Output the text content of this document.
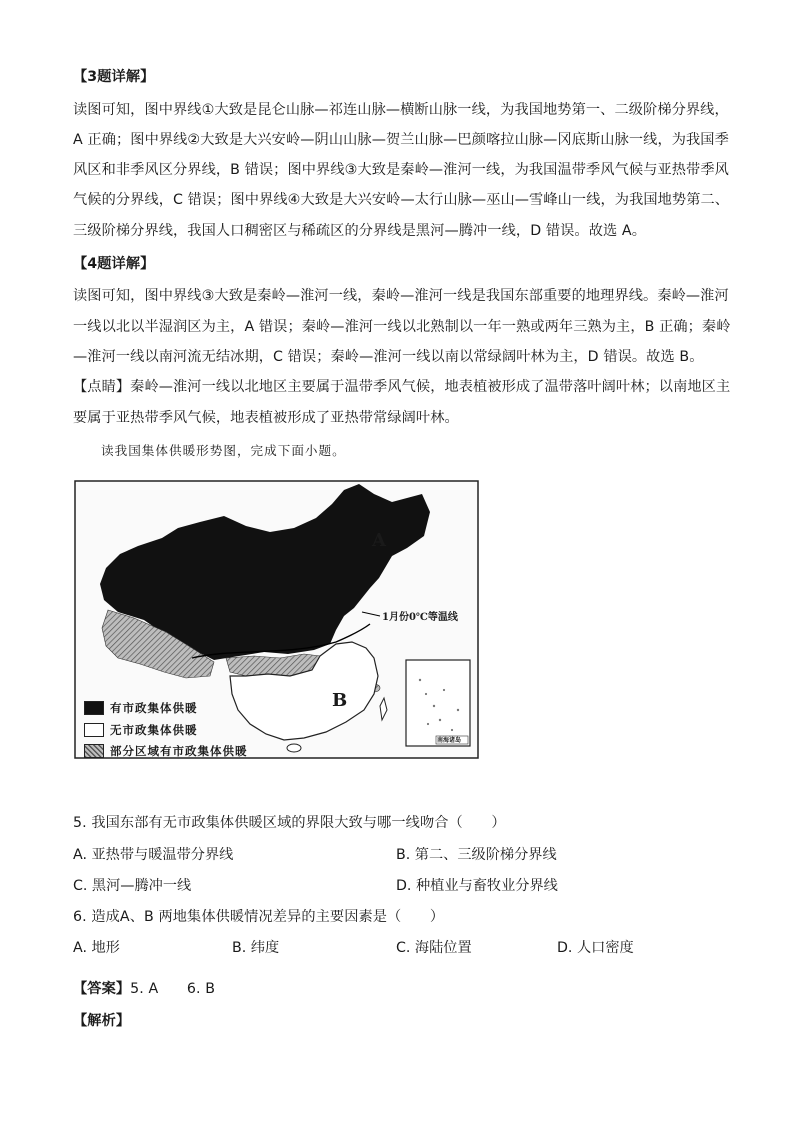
【3题详解】
读图可知，图中界线①大致是昆仑山脉—祁连山脉—横断山脉一线，为我国地势第一、二级阶梯分界线，
A 正确；图中界线②大致是大兴安岭—阴山山脉—贺兰山脉—巴颜喀拉山脉—冈底斯山脉一线，为我国季
风区和非季风区分界线，B 错误；图中界线③大致是秦岭—淮河一线，为我国温带季风气候与亚热带季风
气候的分界线，C 错误；图中界线④大致是大兴安岭—太行山脉—巫山—雪峰山一线，为我国地势第二、
三级阶梯分界线，我国人口稠密区与稀疏区的分界线是黑河—腾冲一线，D 错误。故选 A。
【4题详解】
读图可知，图中界线③大致是秦岭—淮河一线，秦岭—淮河一线是我国东部重要的地理界线。秦岭—淮河
一线以北以半湿润区为主，A 错误；秦岭—淮河一线以北熟制以一年一熟或两年三熟为主，B 正确；秦岭
—淮河一线以南河流无结冰期，C 错误；秦岭—淮河一线以南以常绿阔叶林为主，D 错误。故选 B。
【点睛】秦岭—淮河一线以北地区主要属于温带季风气候，地表植被形成了温带落叶阔叶林；以南地区主
要属于亚热带季风气候，地表植被形成了亚热带常绿阔叶林。
读我国集体供暖形势图，完成下面小题。
A
B
1月份0℃等温线
南海诸岛
有市政集体供暖
无市政集体供暖
部分区域有市政集体供暖
5. 我国东部有无市政集体供暖区域的界限大致与哪一线吻合（　　）
A. 亚热带与暖温带分界线	B. 第二、三级阶梯分界线
C. 黑河—腾冲一线	D. 种植业与畜牧业分界线
6. 造成A、B 两地集体供暖情况差异的主要因素是（　　）
A. 地形	B. 纬度	C. 海陆位置	D. 人口密度
【答案】5. A　　6. B
【解析】
